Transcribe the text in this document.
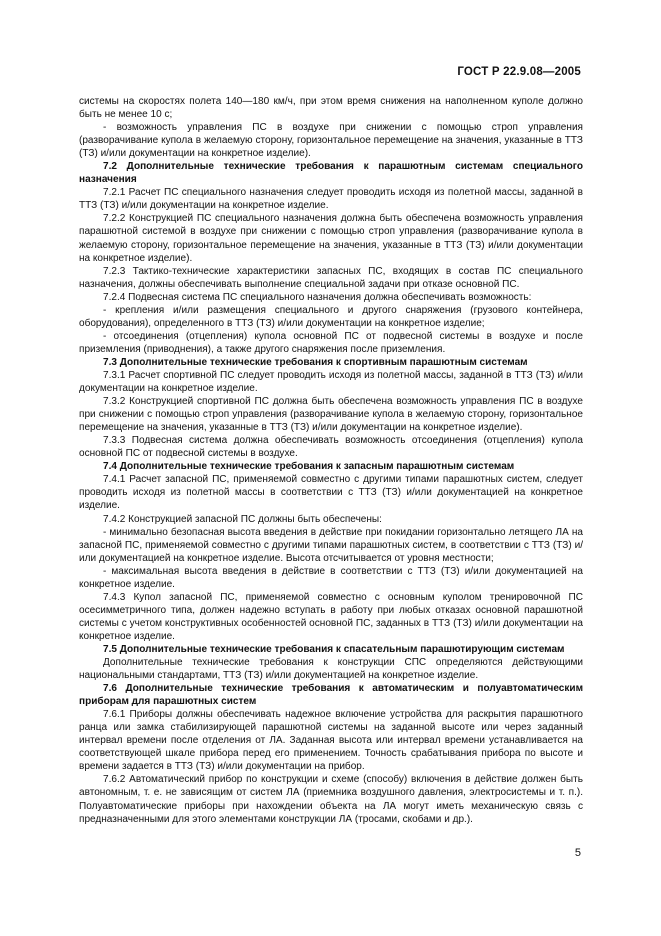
ГОСТ Р 22.9.08—2005

системы на скоростях полета 140—180 км/ч, при этом время снижения на наполненном куполе должно быть не менее 10 с;

- возможность управления ПС в воздухе при снижении с помощью строп управления (разворачивание купола в желаемую сторону, горизонтальное перемещение на значения, указанные в ТТЗ (ТЗ) и/или документации на конкретное изделие).

7.2 Дополнительные технические требования к парашютным системам специального назначения

7.2.1 Расчет ПС специального назначения следует проводить исходя из полетной массы, заданной в ТТЗ (ТЗ) и/или документации на конкретное изделие.

7.2.2 Конструкцией ПС специального назначения должна быть обеспечена возможность управления парашютной системой в воздухе при снижении с помощью строп управления (разворачивание купола в желаемую сторону, горизонтальное перемещение на значения, указанные в ТТЗ (ТЗ) и/или документации на конкретное изделие).

7.2.3 Тактико-технические характеристики запасных ПС, входящих в состав ПС специального назначения, должны обеспечивать выполнение специальной задачи при отказе основной ПС.

7.2.4 Подвесная система ПС специального назначения должна обеспечивать возможность:

- крепления и/или размещения специального и другого снаряжения (грузового контейнера, оборудования), определенного в ТТЗ (ТЗ) и/или документации на конкретное изделие;

- отсоединения (отцепления) купола основной ПС от подвесной системы в воздухе и после приземления (приводнения), а также другого снаряжения после приземления.

7.3 Дополнительные технические требования к спортивным парашютным системам

7.3.1 Расчет спортивной ПС следует проводить исходя из полетной массы, заданной в ТТЗ (ТЗ) и/или документации на конкретное изделие.

7.3.2 Конструкцией спортивной ПС должна быть обеспечена возможность управления ПС в воздухе при снижении с помощью строп управления (разворачивание купола в желаемую сторону, горизонтальное перемещение на значения, указанные в ТТЗ (ТЗ) и/или документации на конкретное изделие).

7.3.3 Подвесная система должна обеспечивать возможность отсоединения (отцепления) купола основной ПС от подвесной системы в воздухе.

7.4 Дополнительные технические требования к запасным парашютным системам

7.4.1 Расчет запасной ПС, применяемой совместно с другими типами парашютных систем, следует проводить исходя из полетной массы в соответствии с ТТЗ (ТЗ) и/или документацией на конкретное изделие.

7.4.2 Конструкцией запасной ПС должны быть обеспечены:

- минимально безопасная высота введения в действие при покидании горизонтально летящего ЛА на запасной ПС, применяемой совместно с другими типами парашютных систем, в соответствии с ТТЗ (ТЗ) и/или документацией на конкретное изделие. Высота отсчитывается от уровня местности;

- максимальная высота введения в действие в соответствии с ТТЗ (ТЗ) и/или документацией на конкретное изделие.

7.4.3 Купол запасной ПС, применяемой совместно с основным куполом тренировочной ПС осесимметричного типа, должен надежно вступать в работу при любых отказах основной парашютной системы с учетом конструктивных особенностей основной ПС, заданных в ТТЗ (ТЗ) и/или документации на конкретное изделие.

7.5 Дополнительные технические требования к спасательным парашютирующим системам

Дополнительные технические требования к конструкции СПС определяются действующими национальными стандартами, ТТЗ (ТЗ) и/или документацией на конкретное изделие.

7.6 Дополнительные технические требования к автоматическим и полуавтоматическим приборам для парашютных систем

7.6.1 Приборы должны обеспечивать надежное включение устройства для раскрытия парашютного ранца или замка стабилизирующей парашютной системы на заданной высоте или через заданный интервал времени после отделения от ЛА. Заданная высота или интервал времени устанавливается на соответствующей шкале прибора перед его применением. Точность срабатывания прибора по высоте и времени задается в ТТЗ (ТЗ) и/или документации на прибор.

7.6.2 Автоматический прибор по конструкции и схеме (способу) включения в действие должен быть автономным, т. е. не зависящим от систем ЛА (приемника воздушного давления, электросистемы и т. п.). Полуавтоматические приборы при нахождении объекта на ЛА могут иметь механическую связь с предназначенными для этого элементами конструкции ЛА (тросами, скобами и др.).

5
